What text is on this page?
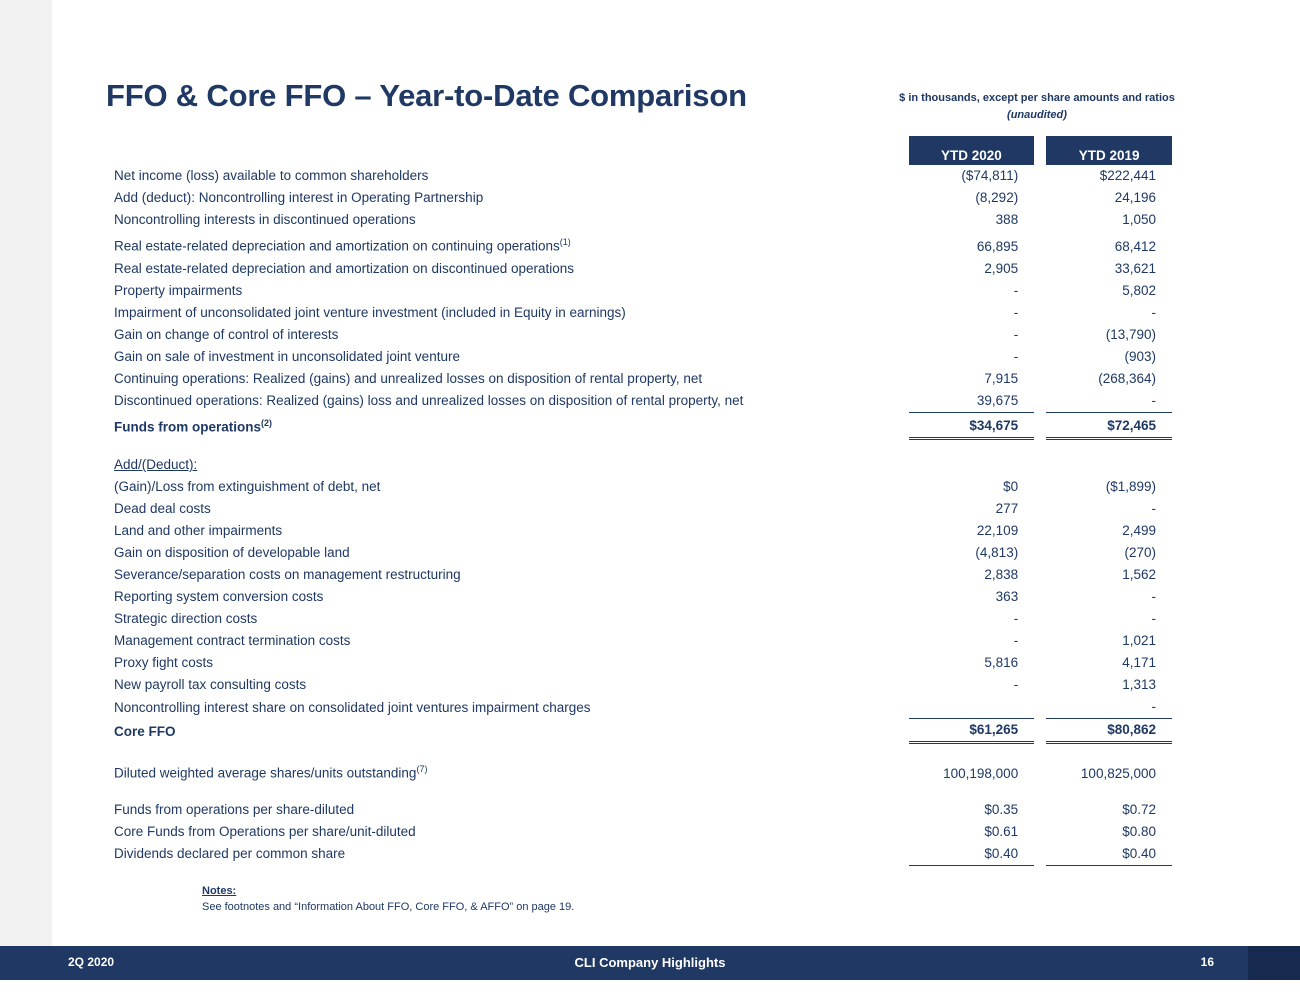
FFO & Core FFO – Year-to-Date Comparison	$ in thousands, except per share amounts and ratios
(unaudited)
	YTD 2020		YTD 2019
Net income (loss) available to common shareholders	($74,811)		$222,441
Add (deduct): Noncontrolling interest in Operating Partnership	(8,292)		24,196
Noncontrolling interests in discontinued operations	388		1,050
Real estate-related depreciation and amortization on continuing operations$^{(1)}$	66,895		68,412
Real estate-related depreciation and amortization on discontinued operations	2,905		33,621
Property impairments	-		5,802
Impairment of unconsolidated joint venture investment (included in Equity in earnings)	-		-
Gain on change of control of interests	-		(13,790)
Gain on sale of investment in unconsolidated joint venture	-		(903)
Continuing operations: Realized (gains) and unrealized losses on disposition of rental property, net	7,915		(268,364)
Discontinued operations: Realized (gains) loss and unrealized losses on disposition of rental property, net	39,675		-
Funds from operations$^{(2)}$	$34,675		$72,465

Add/(Deduct):			
(Gain)/Loss from extinguishment of debt, net	$0		($1,899)
Dead deal costs	277		-
Land and other impairments	22,109		2,499
Gain on disposition of developable land	(4,813)		(270)
Severance/separation costs on management restructuring	2,838		1,562
Reporting system conversion costs	363		-
Strategic direction costs	-		-
Management contract termination costs	-		1,021
Proxy fight costs	5,816		4,171
New payroll tax consulting costs	-		1,313
Noncontrolling interest share on consolidated joint ventures impairment charges			-
Core FFO	$61,265		$80,862

Diluted weighted average shares/units outstanding$^{(7)}$	100,198,000		100,825,000

Funds from operations per share-diluted	$0.35		$0.72
Core Funds from Operations per share/unit-diluted	$0.61		$0.80
Dividends declared per common share	$0.40		$0.40
Notes:
See footnotes and “Information About FFO, Core FFO, & AFFO” on page 19.
2Q 2020	CLI Company Highlights	16
